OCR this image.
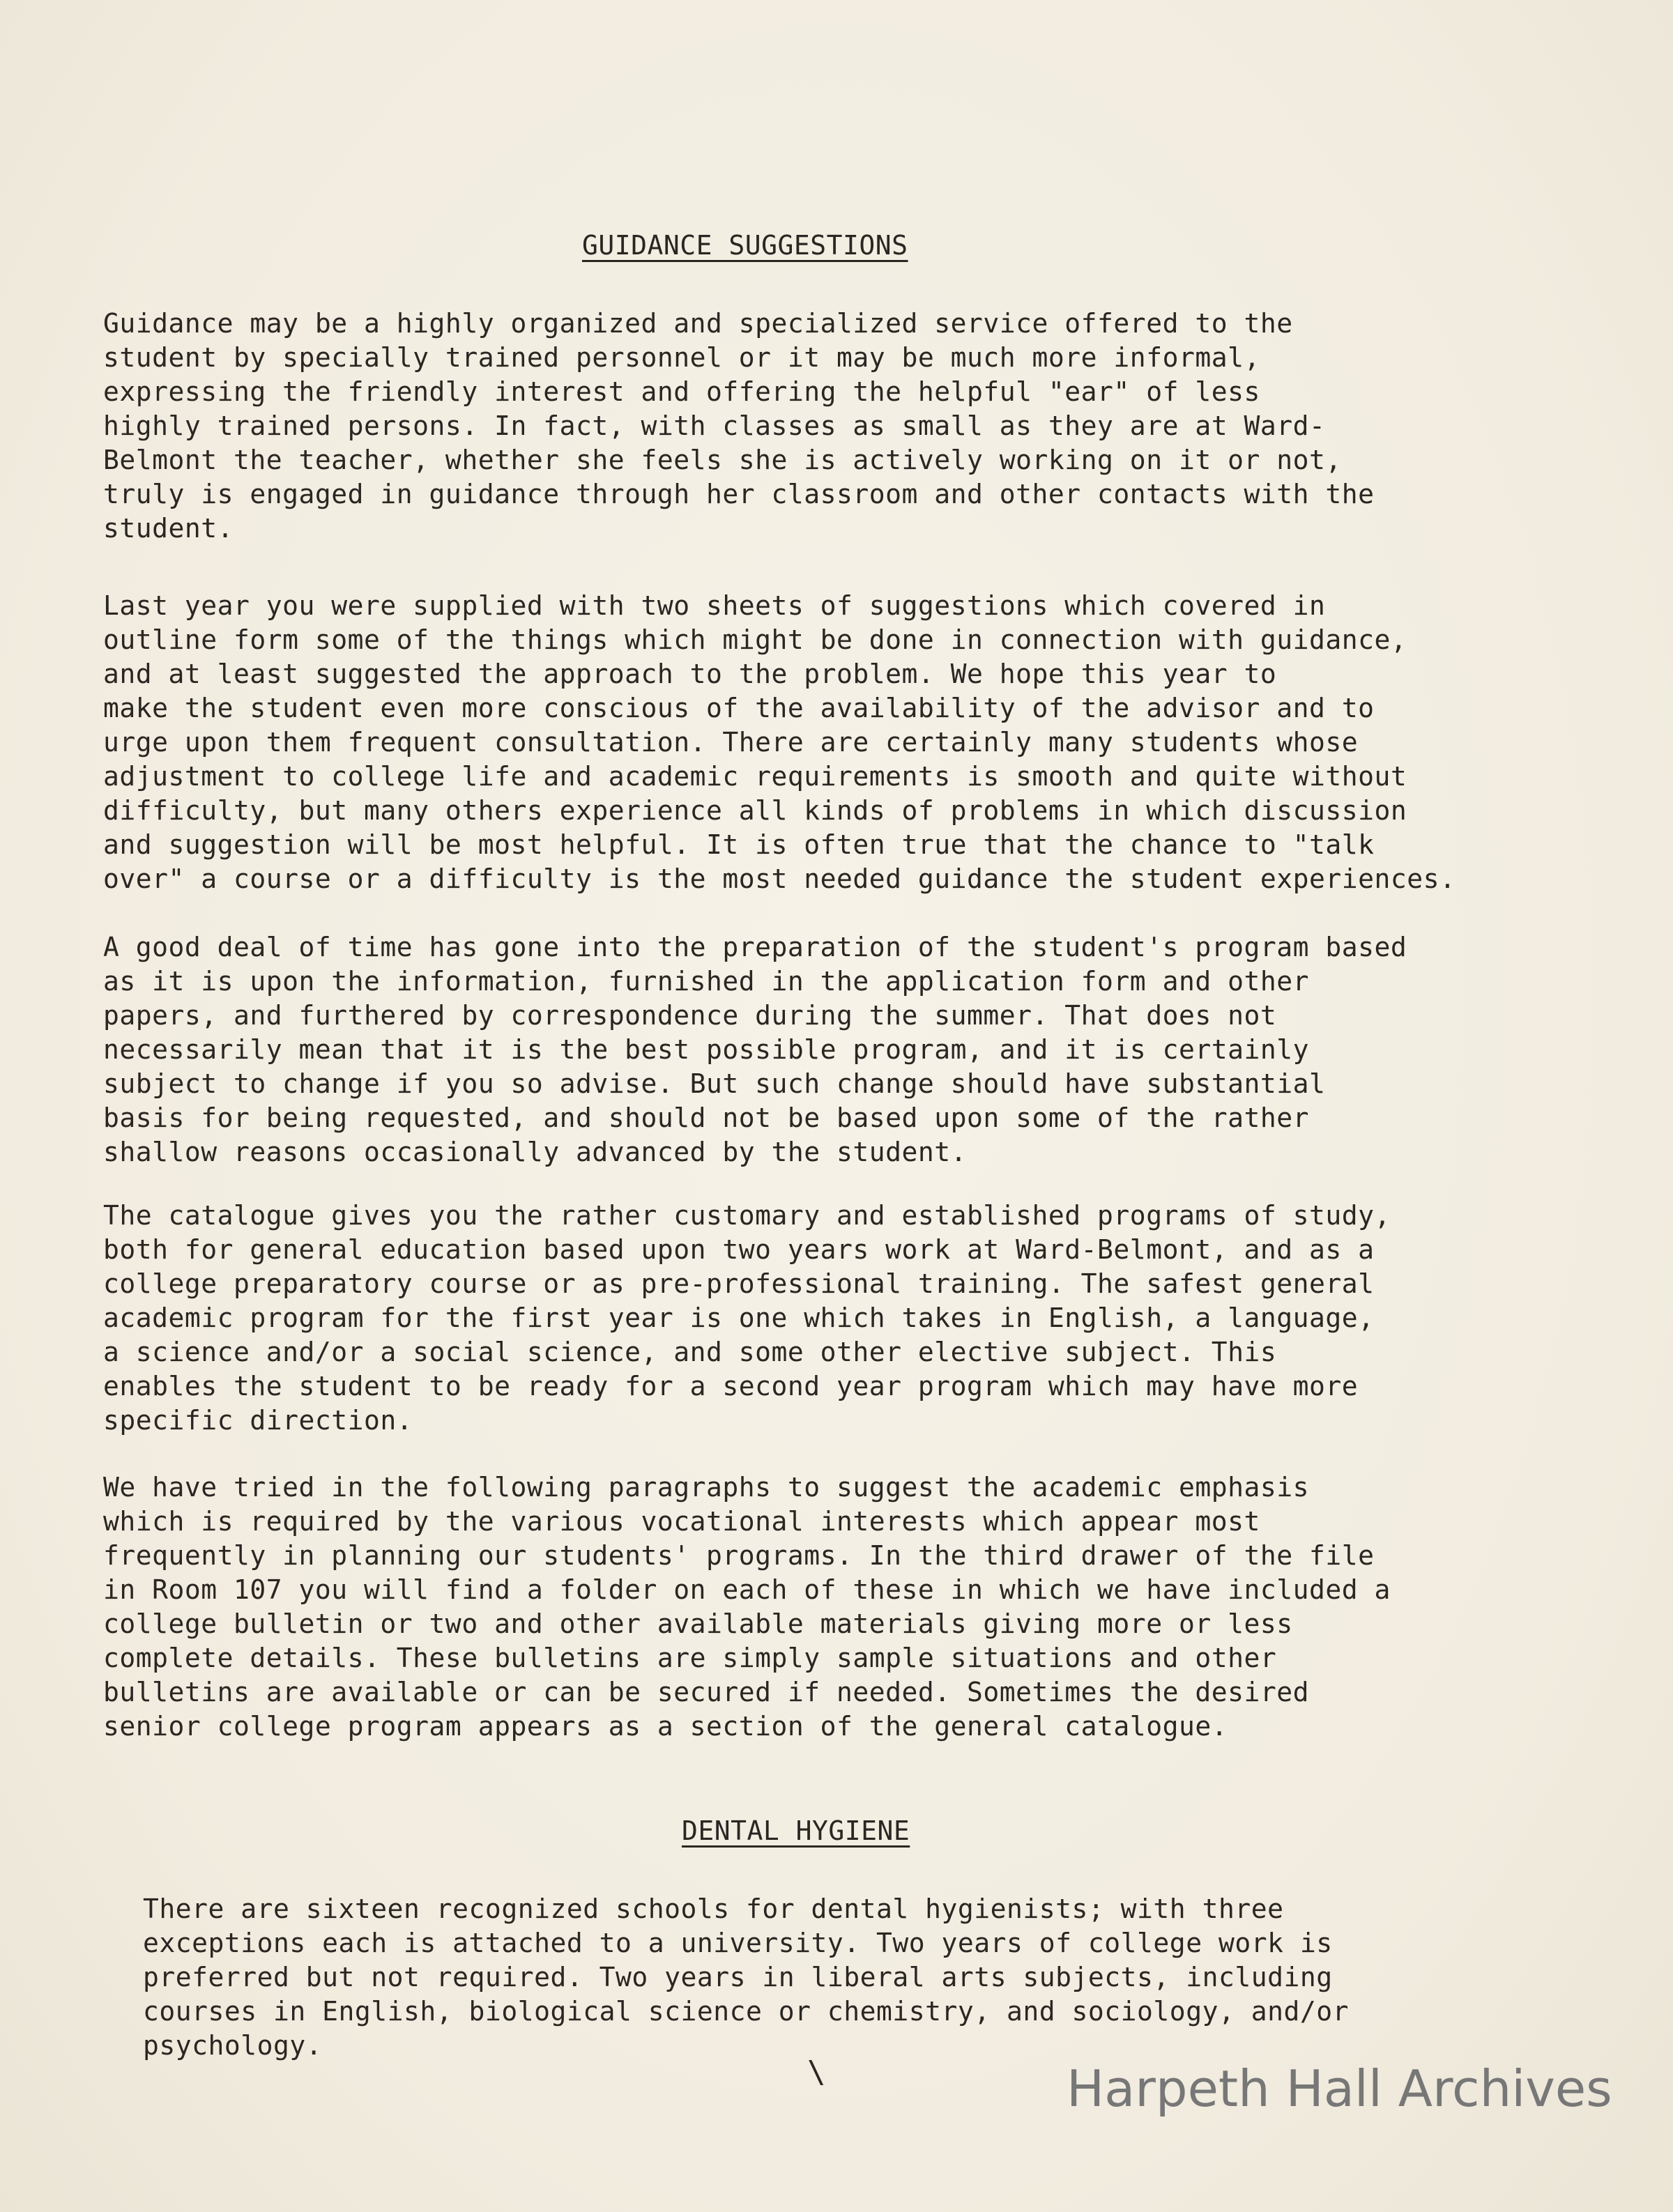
GUIDANCE SUGGESTIONS
Guidance may be a highly organized and specialized service offered to the
student by specially trained personnel or it may be much more informal,
expressing the friendly interest and offering the helpful "ear" of less
highly trained persons. In fact, with classes as small as they are at Ward-
Belmont the teacher, whether she feels she is actively working on it or not,
truly is engaged in guidance through her classroom and other contacts with the
student.
Last year you were supplied with two sheets of suggestions which covered in
outline form some of the things which might be done in connection with guidance,
and at least suggested the approach to the problem. We hope this year to
make the student even more conscious of the availability of the advisor and to
urge upon them frequent consultation. There are certainly many students whose
adjustment to college life and academic requirements is smooth and quite without
difficulty, but many others experience all kinds of problems in which discussion
and suggestion will be most helpful. It is often true that the chance to "talk
over" a course or a difficulty is the most needed guidance the student experiences.
A good deal of time has gone into the preparation of the student's program based
as it is upon the information, furnished in the application form and other
papers, and furthered by correspondence during the summer. That does not
necessarily mean that it is the best possible program, and it is certainly
subject to change if you so advise. But such change should have substantial
basis for being requested, and should not be based upon some of the rather
shallow reasons occasionally advanced by the student.
The catalogue gives you the rather customary and established programs of study,
both for general education based upon two years work at Ward-Belmont, and as a
college preparatory course or as pre-professional training. The safest general
academic program for the first year is one which takes in English, a language,
a science and/or a social science, and some other elective subject. This
enables the student to be ready for a second year program which may have more
specific direction.
We have tried in the following paragraphs to suggest the academic emphasis
which is required by the various vocational interests which appear most
frequently in planning our students' programs. In the third drawer of the file
in Room 107 you will find a folder on each of these in which we have included a
college bulletin or two and other available materials giving more or less
complete details. These bulletins are simply sample situations and other
bulletins are available or can be secured if needed. Sometimes the desired
senior college program appears as a section of the general catalogue.
DENTAL HYGIENE
There are sixteen recognized schools for dental hygienists; with three
exceptions each is attached to a university. Two years of college work is
preferred but not required. Two years in liberal arts subjects, including
courses in English, biological science or chemistry, and sociology, and/or
psychology.
\	Harpeth Hall Archives
